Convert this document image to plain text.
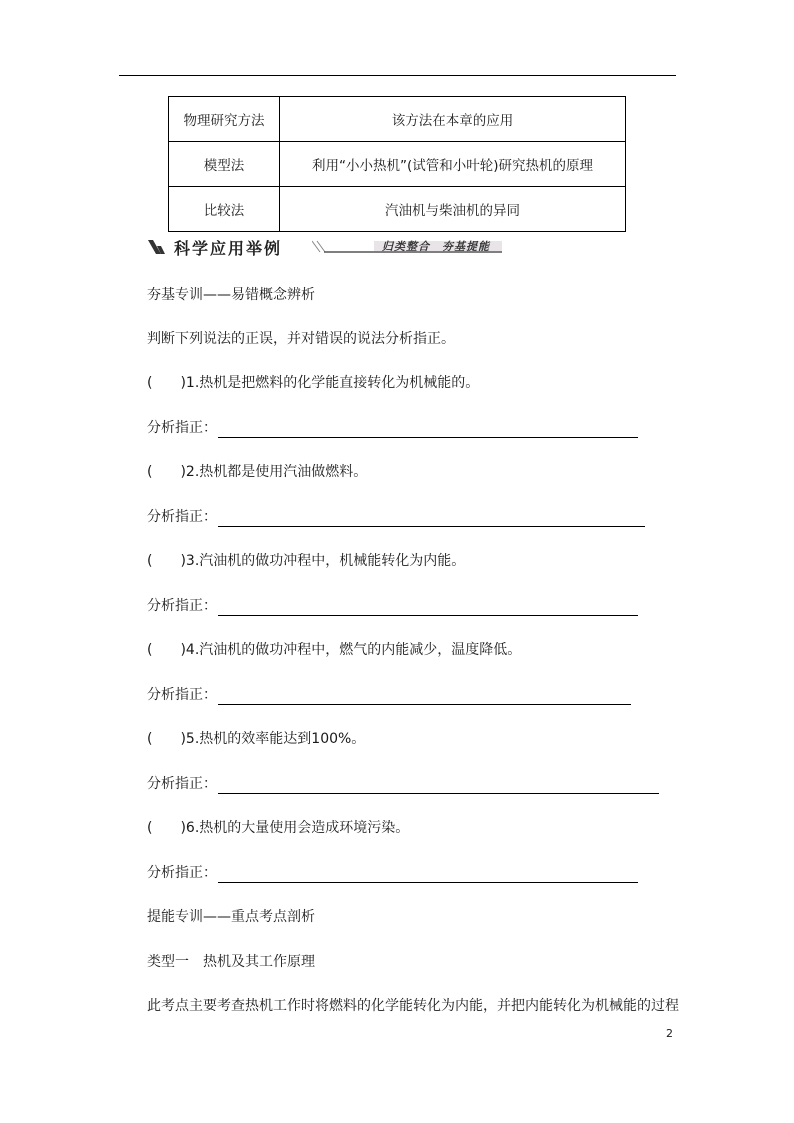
物理研究方法	该方法在本章的应用
模型法	利用“小小热机”(试管和小叶轮)研究热机的原理
比较法	汽油机与柴油机的异同
科学应用举例	归类整合　夯基提能
夯基专训——易错概念辨析
判断下列说法的正误，并对错误的说法分析指正。
(　　)1.热机是把燃料的化学能直接转化为机械能的。
分析指正：
(　　)2.热机都是使用汽油做燃料。
分析指正：
(　　)3.汽油机的做功冲程中，机械能转化为内能。
分析指正：
(　　)4.汽油机的做功冲程中，燃气的内能减少，温度降低。
分析指正：
(　　)5.热机的效率能达到100%。
分析指正：
(　　)6.热机的大量使用会造成环境污染。
分析指正：
提能专训——重点考点剖析
类型一　热机及其工作原理
此考点主要考查热机工作时将燃料的化学能转化为内能，并把内能转化为机械能的过程
2
